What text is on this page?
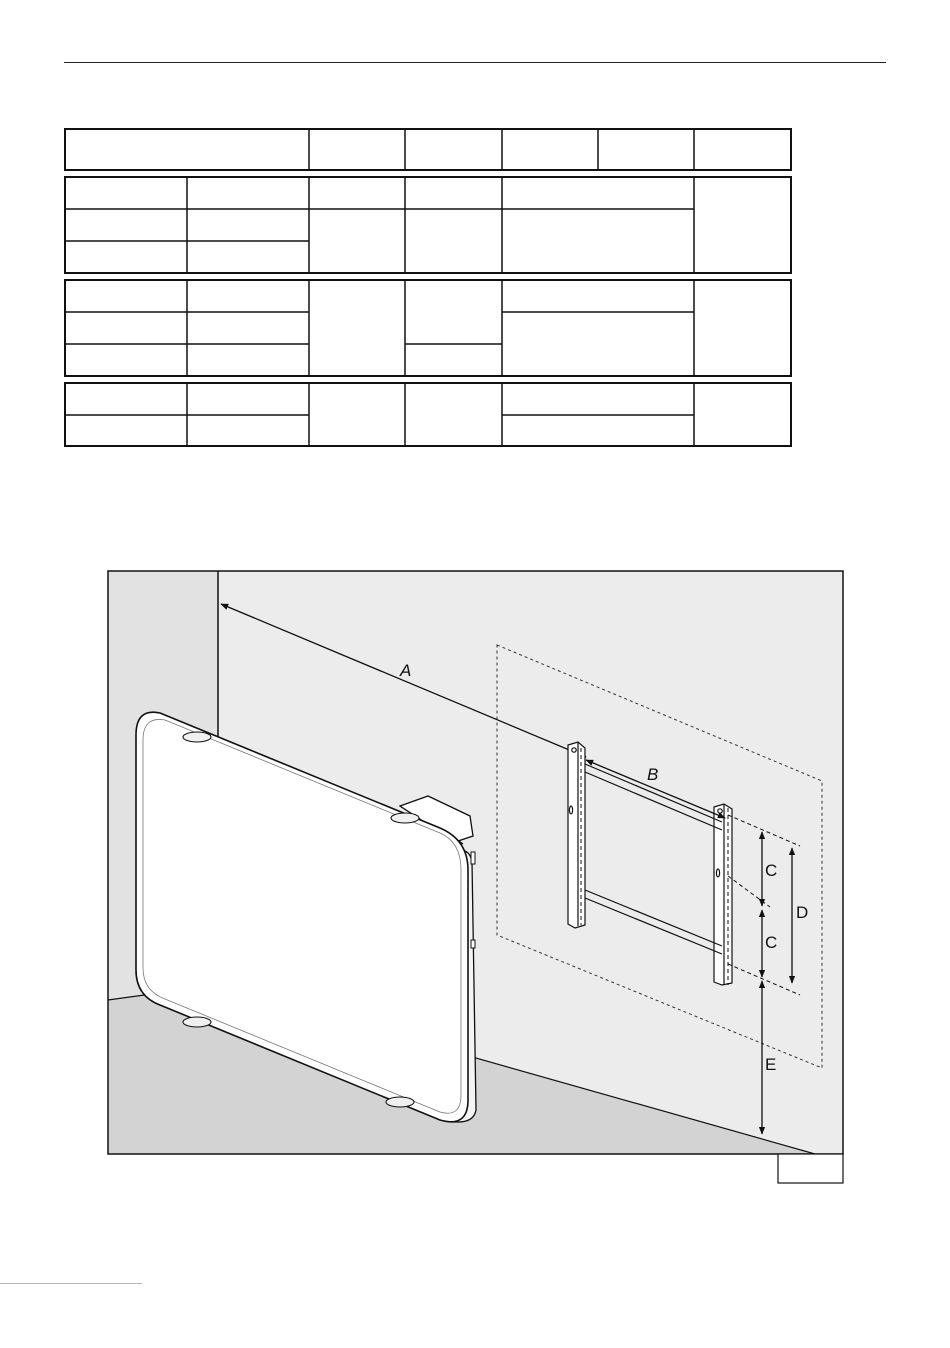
A
B
C
C
D
E
